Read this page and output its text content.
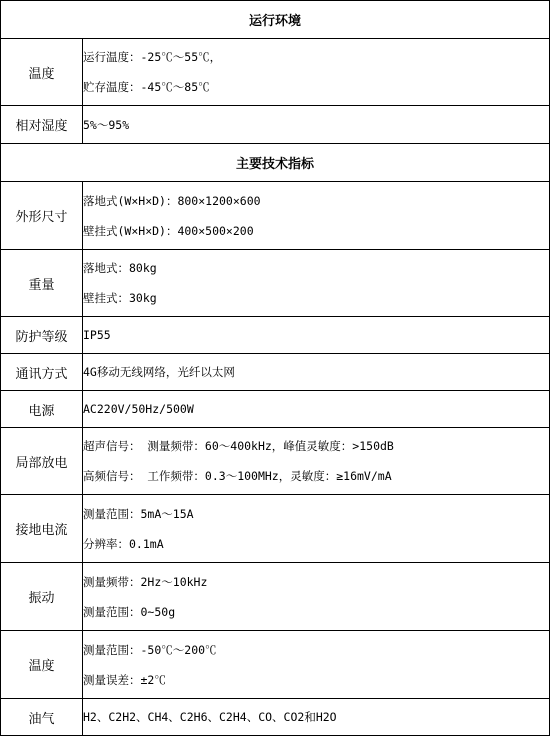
运行环境	
温度	运行温度：-25℃～55℃，
贮存温度：-45℃～85℃

相对湿度	5%～95%

主要技术指标	
外形尺寸	落地式(W×H×D)：800×1200×600
壁挂式(W×H×D)：400×500×200

重量	落地式：80kg
壁挂式：30kg

防护等级	IP55

通讯方式	4G移动无线网络，光纤以太网

电源	AC220V/50Hz/500W

局部放电	超声信号： 测量频带：60～400kHz，峰值灵敏度：>150dB
高频信号： 工作频带：0.3～100MHz，灵敏度：≥16mV/mA

接地电流	测量范围：5mA～15A
分辨率：0.1mA

振动	测量频带：2Hz～10kHz
测量范围：0~50g

温度	测量范围：-50℃～200℃
测量误差：±2℃

油气	H2、C2H2、CH4、C2H6、C2H4、CO、CO2和H2O
